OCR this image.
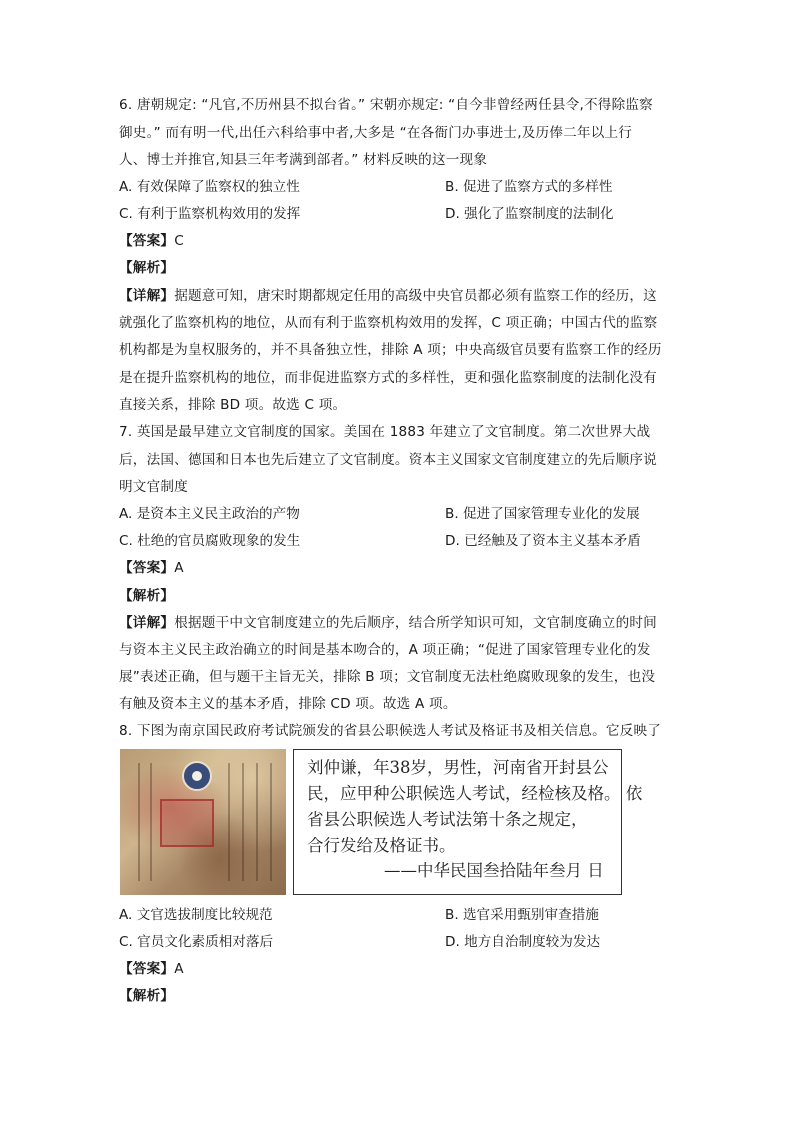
6. 唐朝规定: “凡官,不历州县不拟台省。” 宋朝亦规定: “自今非曾经两任县令,不得除监察
御史。” 而有明一代,出任六科给事中者,大多是 “在各衙门办事进士,及历俸二年以上行
人、博士并推官,知县三年考满到部者。” 材料反映的这一现象
A. 有效保障了监察权的独立性	B. 促进了监察方式的多样性
C. 有利于监察机构效用的发挥	D. 强化了监察制度的法制化
【答案】C
【解析】
【详解】据题意可知，唐宋时期都规定任用的高级中央官员都必须有监察工作的经历，这
就强化了监察机构的地位，从而有利于监察机构效用的发挥，C 项正确；中国古代的监察
机构都是为皇权服务的，并不具备独立性，排除 A 项；中央高级官员要有监察工作的经历
是在提升监察机构的地位，而非促进监察方式的多样性，更和强化监察制度的法制化没有
直接关系，排除 BD 项。故选 C 项。
7. 英国是最早建立文官制度的国家。美国在 1883 年建立了文官制度。第二次世界大战
后，法国、德国和日本也先后建立了文官制度。资本主义国家文官制度建立的先后顺序说
明文官制度
A. 是资本主义民主政治的产物	B. 促进了国家管理专业化的发展
C. 杜绝的官员腐败现象的发生	D. 已经触及了资本主义基本矛盾
【答案】A
【解析】
【详解】根据题干中文官制度建立的先后顺序，结合所学知识可知，文官制度确立的时间
与资本主义民主政治确立的时间是基本吻合的，A 项正确；“促进了国家管理专业化的发
展”表述正确，但与题干主旨无关，排除 B 项；文官制度无法杜绝腐败现象的发生，也没
有触及资本主义的基本矛盾，排除 CD 项。故选 A 项。
8. 下图为南京国民政府考试院颁发的省县公职候选人考试及格证书及相关信息。它反映了
刘仲谦，年38岁，男性，河南省开封县公
民，应甲种公职候选人考试，经检核及格。 依
省县公职候选人考试法第十条之规定，
合行发给及格证书。
——中华民国叁拾陆年叁月 日
A. 文官选拔制度比较规范	B. 选官采用甄别审查措施
C. 官员文化素质相对落后	D. 地方自治制度较为发达
【答案】A
【解析】
